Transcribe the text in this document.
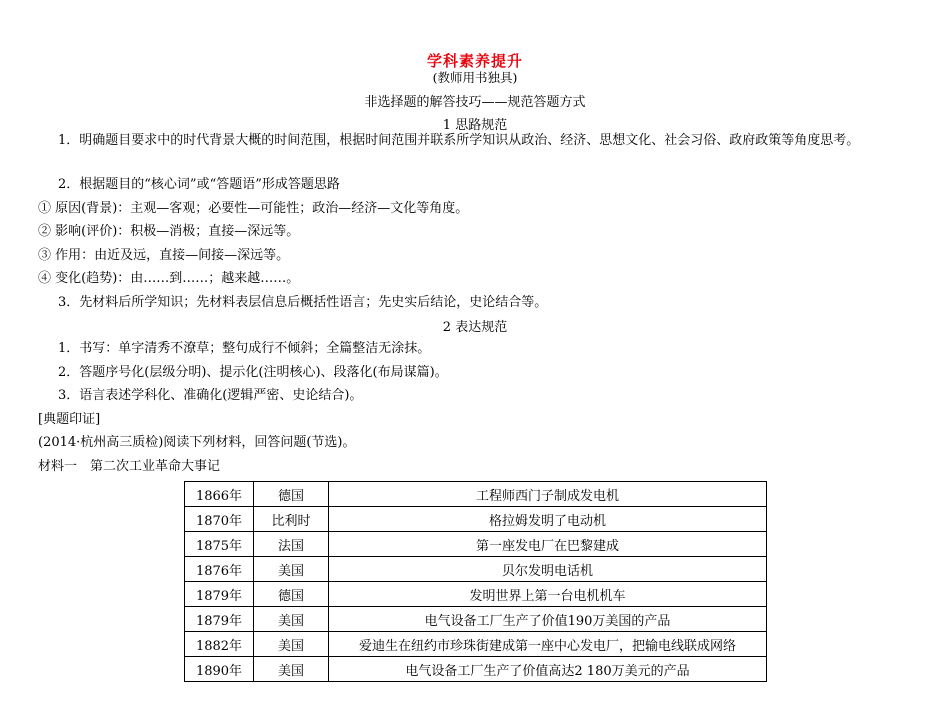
学科素养提升
(教师用书独具)
非选择题的解答技巧——规范答题方式
1 思路规范
1．明确题目要求中的时代背景大概的时间范围，根据时间范围并联系所学知识从政治、经济、思想文化、社会习俗、政府政策等角度思考。
2．根据题目的“核心词”或“答题语”形成答题思路
① 原因(背景)：主观—客观；必要性—可能性；政治—经济—文化等角度。
② 影响(评价)：积极—消极；直接—深远等。
③ 作用：由近及远，直接—间接—深远等。
④ 变化(趋势)：由……到……；越来越……。
3．先材料后所学知识；先材料表层信息后概括性语言；先史实后结论，史论结合等。
2 表达规范
1．书写：单字清秀不潦草；整句成行不倾斜；全篇整洁无涂抹。
2．答题序号化(层级分明)、提示化(注明核心)、段落化(布局谋篇)。
3．语言表述学科化、准确化(逻辑严密、史论结合)。
[典题印证]
(2014·杭州高三质检)阅读下列材料，回答问题(节选)。
材料一　第二次工业革命大事记
1866年	德国	工程师西门子制成发电机
1870年	比利时	格拉姆发明了电动机
1875年	法国	第一座发电厂在巴黎建成
1876年	美国	贝尔发明电话机
1879年	德国	发明世界上第一台电机机车
1879年	美国	电气设备工厂生产了价值190万美国的产品
1882年	美国	爱迪生在纽约市珍珠街建成第一座中心发电厂，把输电线联成网络
1890年	美国	电气设备工厂生产了价值高达2 180万美元的产品
